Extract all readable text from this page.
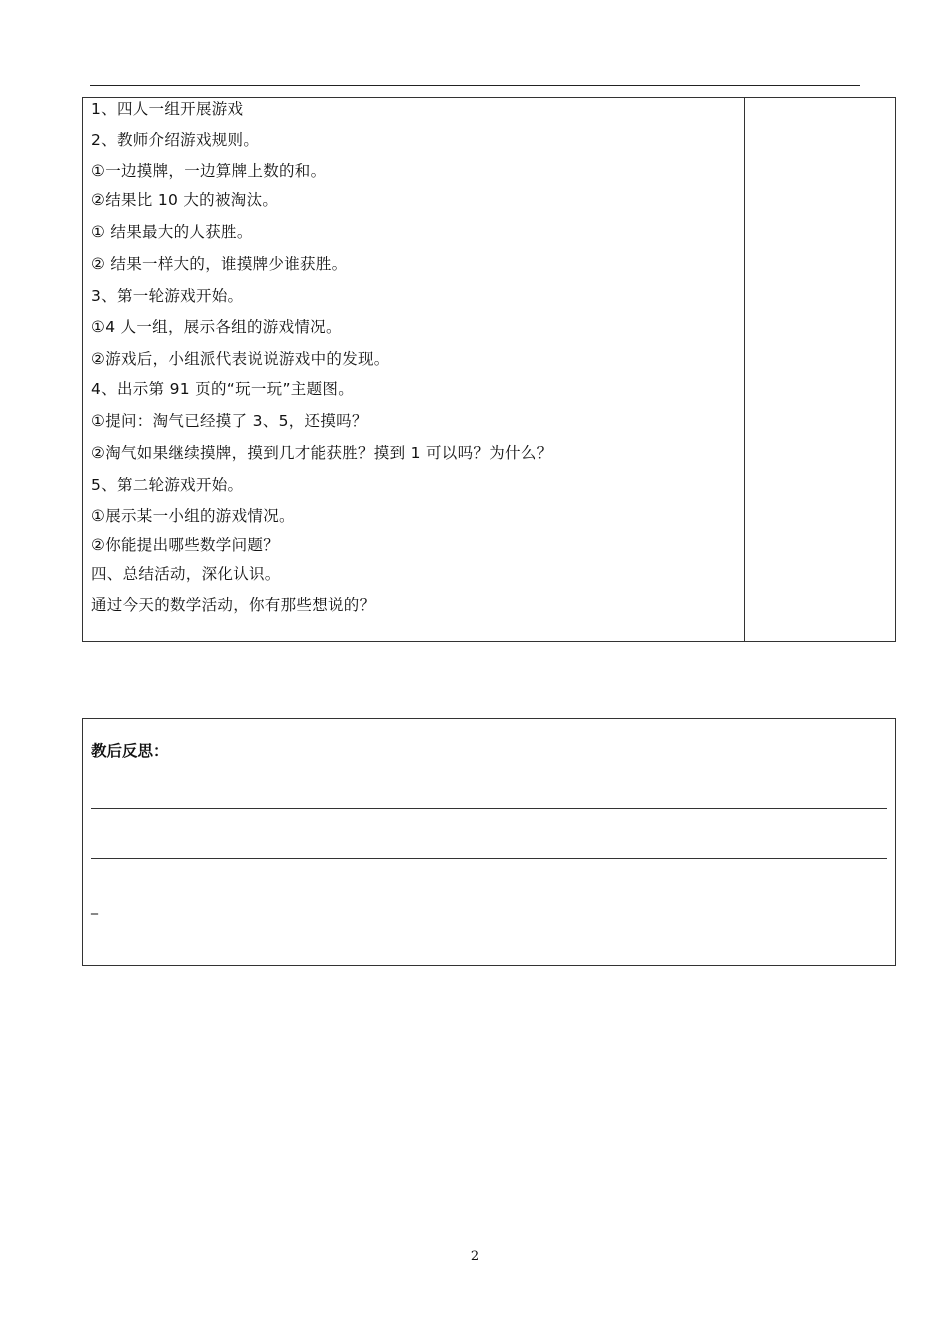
1、四人一组开展游戏
2、教师介绍游戏规则。
①一边摸牌，一边算牌上数的和。
②结果比 10 大的被淘汰。
① 结果最大的人获胜。
② 结果一样大的，谁摸牌少谁获胜。
3、第一轮游戏开始。
①4 人一组，展示各组的游戏情况。
②游戏后，小组派代表说说游戏中的发现。
4、出示第 91 页的“玩一玩”主题图。
①提问：淘气已经摸了 3、5，还摸吗？
②淘气如果继续摸牌，摸到几才能获胜？摸到 1 可以吗？为什么？
5、第二轮游戏开始。
①展示某一小组的游戏情况。
②你能提出哪些数学问题？
四、总结活动，深化认识。
通过今天的数学活动，你有那些想说的？
教后反思：
_
2
